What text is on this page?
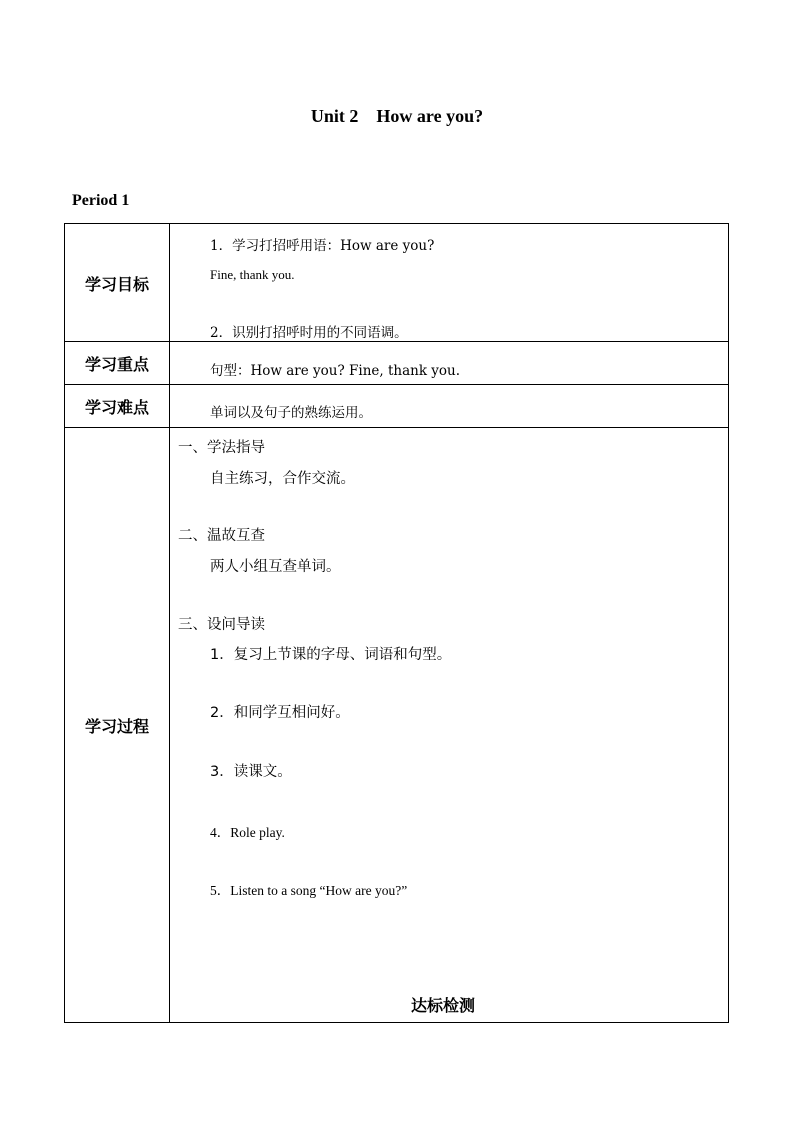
Unit 2    How are you?
Period 1
学习目标
1．学习打招呼用语：How are you?
Fine, thank you.
2．识别打招呼时用的不同语调。
学习重点	句型：How are you? Fine, thank you.
学习难点	单词以及句子的熟练运用。
学习过程
一、学法指导
自主练习，合作交流。
二、温故互查
两人小组互查单词。
三、设问导读
1．复习上节课的字母、词语和句型。
2．和同学互相问好。
3．读课文。
4．Role play.
5．Listen to a song “How are you?”
达标检测
